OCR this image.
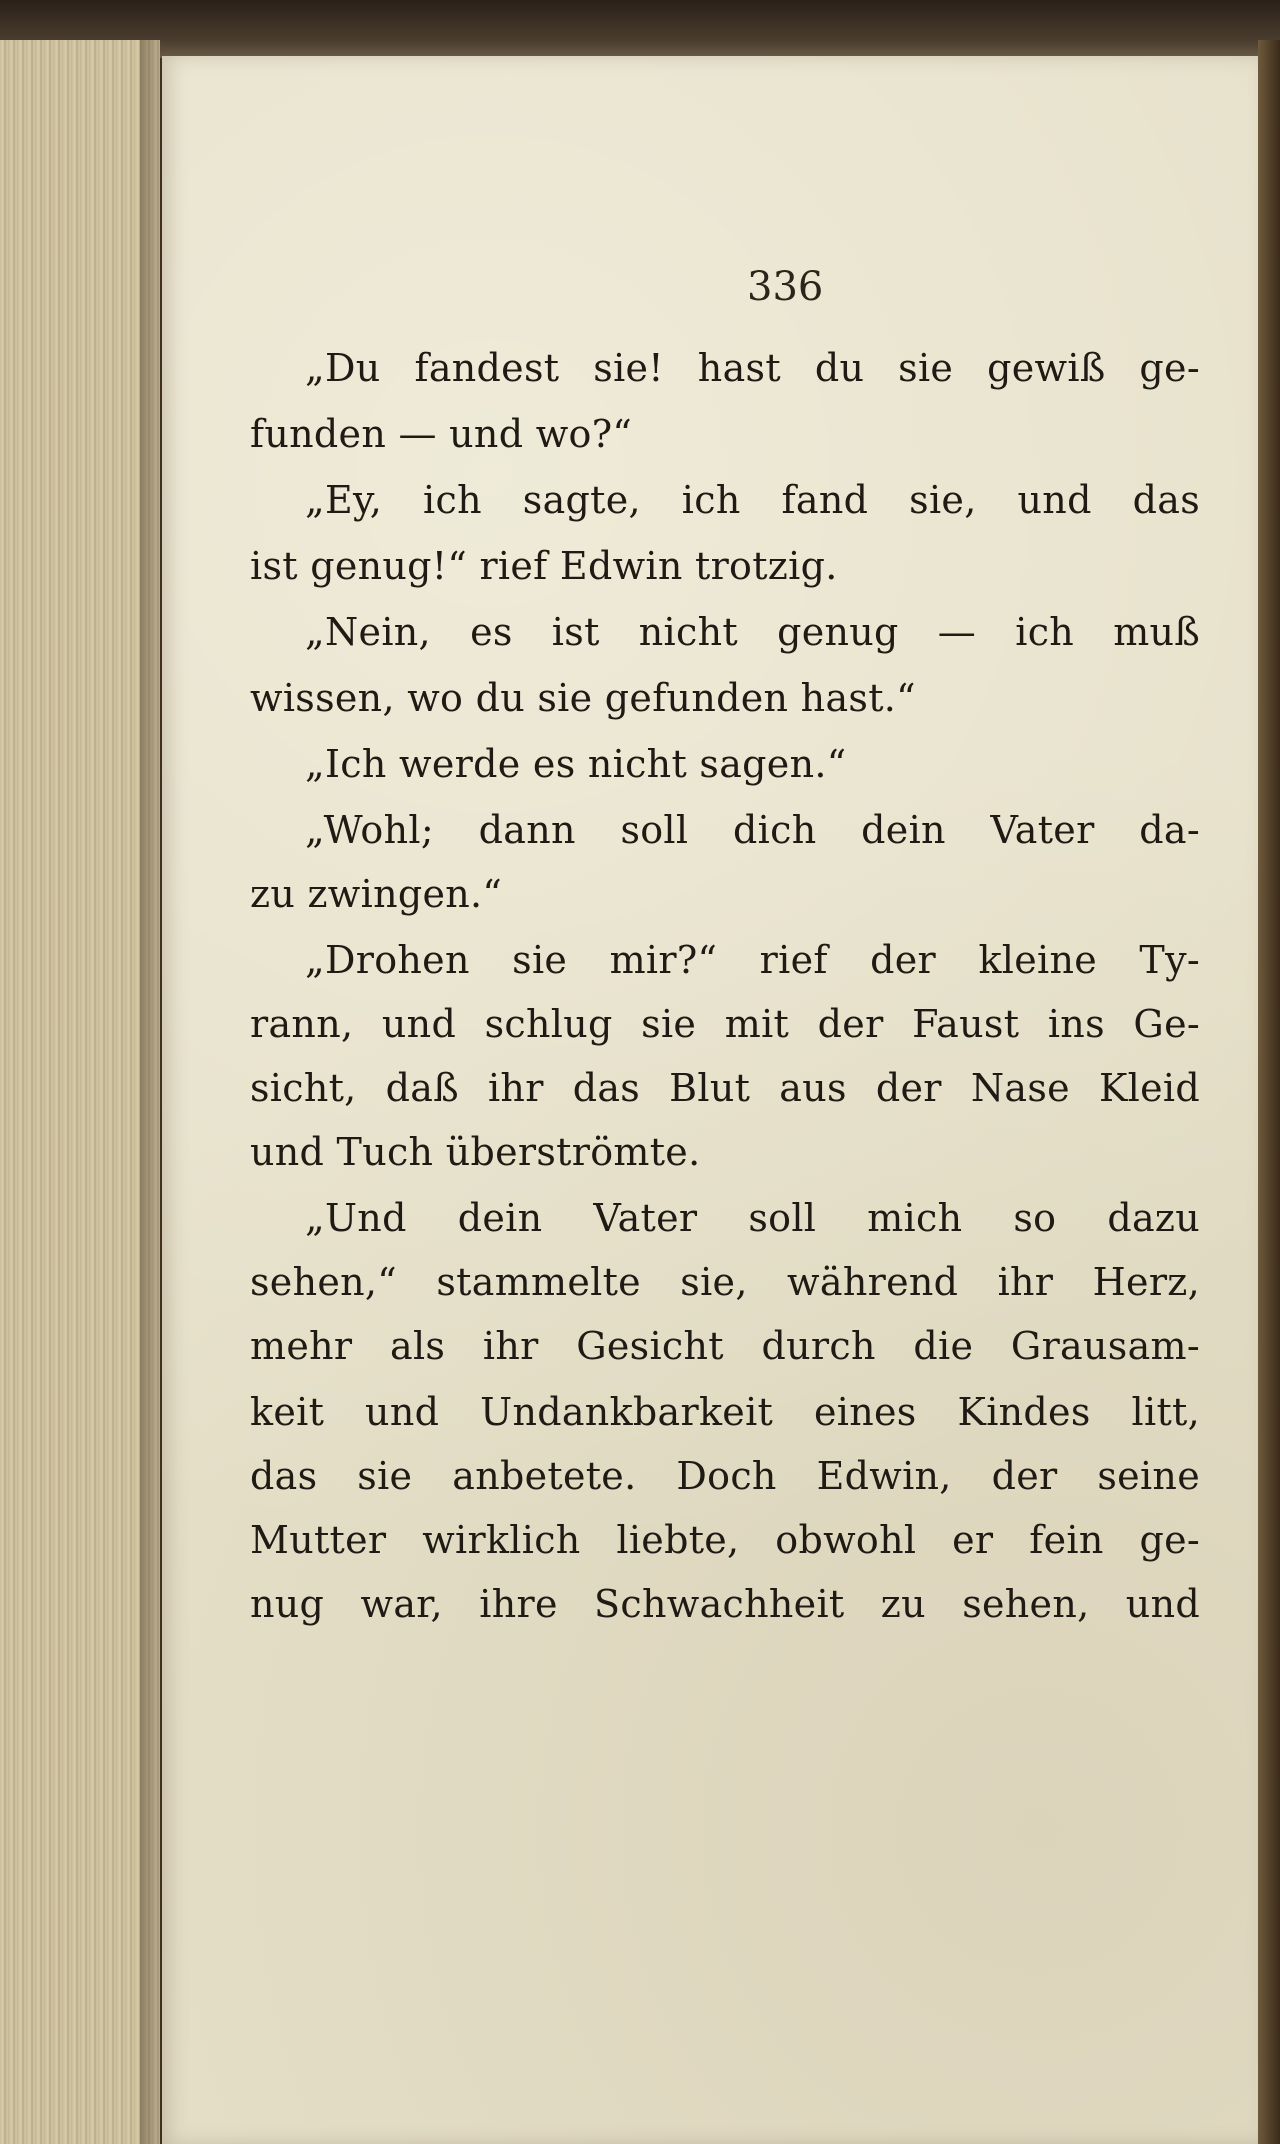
336
„Du fandest sie! hast du sie gewiß ge-
funden — und wo?“
„Ey, ich sagte, ich fand sie, und das
ist genug!“ rief Edwin trotzig.
„Nein, es ist nicht genug — ich muß
wissen, wo du sie gefunden hast.“
„Ich werde es nicht sagen.“
„Wohl; dann soll dich dein Vater da-
zu zwingen.“
„Drohen sie mir?“ rief der kleine Ty-
rann, und schlug sie mit der Faust ins Ge-
sicht, daß ihr das Blut aus der Nase Kleid
und Tuch überströmte.
„Und dein Vater soll mich so dazu
sehen,“ stammelte sie, während ihr Herz,
mehr als ihr Gesicht durch die Grausam-
keit und Undankbarkeit eines Kindes litt,
das sie anbetete. Doch Edwin, der seine
Mutter wirklich liebte, obwohl er fein ge-
nug war, ihre Schwachheit zu sehen, und
